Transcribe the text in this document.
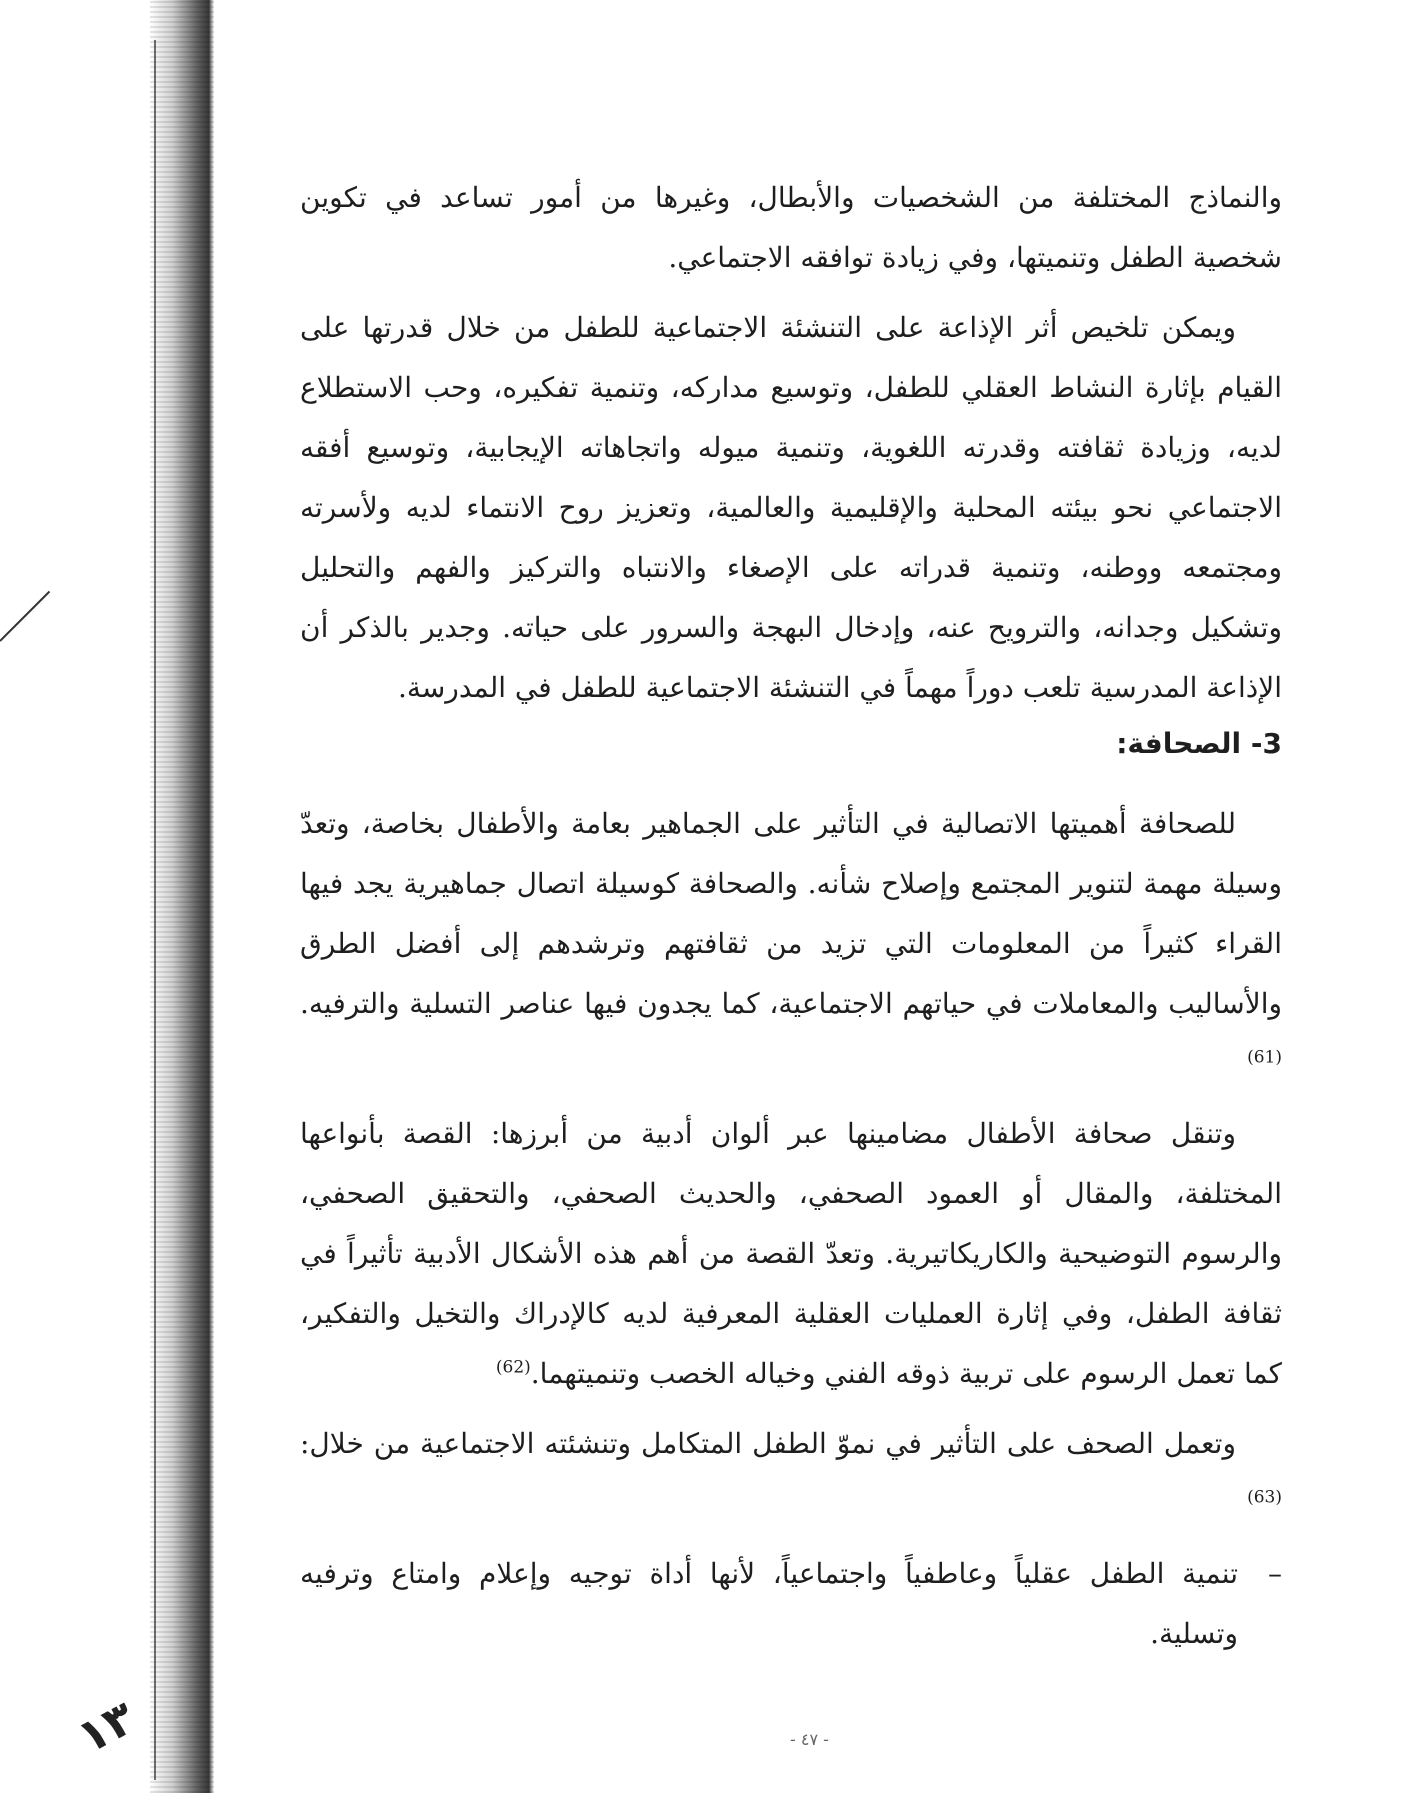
والنماذج المختلفة من الشخصيات والأبطال، وغيرها من أمور تساعد في تكوين شخصية الطفل وتنميتها، وفي زيادة توافقه الاجتماعي.

ويمكن تلخيص أثر الإذاعة على التنشئة الاجتماعية للطفل من خلال قدرتها على القيام بإثارة النشاط العقلي للطفل، وتوسيع مداركه، وتنمية تفكيره، وحب الاستطلاع لديه، وزيادة ثقافته وقدرته اللغوية، وتنمية ميوله واتجاهاته الإيجابية، وتوسيع أفقه الاجتماعي نحو بيئته المحلية والإقليمية والعالمية، وتعزيز روح الانتماء لديه ولأسرته ومجتمعه ووطنه، وتنمية قدراته على الإصغاء والانتباه والتركيز والفهم والتحليل وتشكيل وجدانه، والترويح عنه، وإدخال البهجة والسرور على حياته. وجدير بالذكر أن الإذاعة المدرسية تلعب دوراً مهماً في التنشئة الاجتماعية للطفل في المدرسة.

3- الصحافة:

للصحافة أهميتها الاتصالية في التأثير على الجماهير بعامة والأطفال بخاصة، وتعدّ وسيلة مهمة لتنوير المجتمع وإصلاح شأنه. والصحافة كوسيلة اتصال جماهيرية يجد فيها القراء كثيراً من المعلومات التي تزيد من ثقافتهم وترشدهم إلى أفضل الطرق والأساليب والمعاملات في حياتهم الاجتماعية، كما يجدون فيها عناصر التسلية والترفيه. $^{(61)}$

وتنقل صحافة الأطفال مضامينها عبر ألوان أدبية من أبرزها: القصة بأنواعها المختلفة، والمقال أو العمود الصحفي، والحديث الصحفي، والتحقيق الصحفي، والرسوم التوضيحية والكاريكاتيرية. وتعدّ القصة من أهم هذه الأشكال الأدبية تأثيراً في ثقافة الطفل، وفي إثارة العمليات العقلية المعرفية لديه كالإدراك والتخيل والتفكير، كما تعمل الرسوم على تربية ذوقه الفني وخياله الخصب وتنميتهما.$^{(62)}$

وتعمل الصحف على التأثير في نموّ الطفل المتكامل وتنشئته الاجتماعية من خلال:$^{(63)}$

–تنمية الطفل عقلياً وعاطفياً واجتماعياً، لأنها أداة توجيه وإعلام وامتاع وترفيه وتسلية.

١٣	- ٤٧ -
